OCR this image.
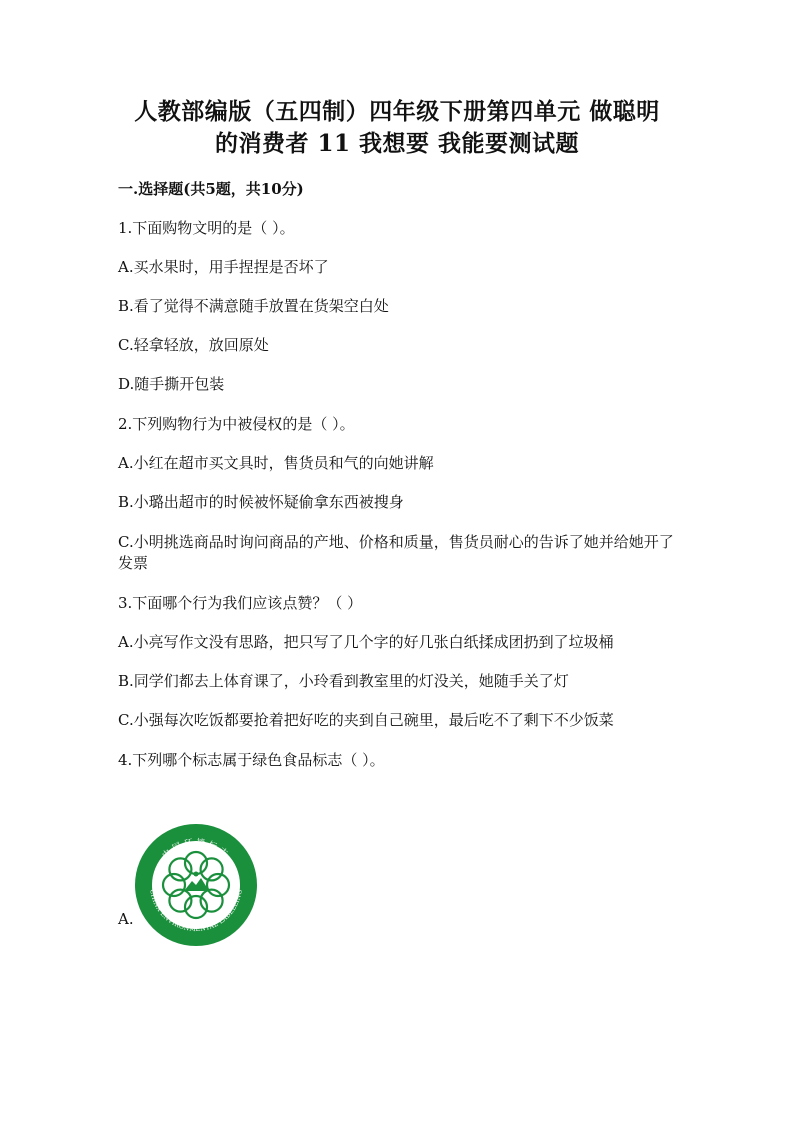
人教部编版（五四制）四年级下册第四单元 做聪明
的消费者 11 我想要 我能要测试题
一.选择题(共5题，共10分)
1.下面购物文明的是（ ）。
A.买水果时，用手捏捏是否坏了
B.看了觉得不满意随手放置在货架空白处
C.轻拿轻放，放回原处
D.随手撕开包装
2.下列购物行为中被侵权的是（ ）。
A.小红在超市买文具时，售货员和气的向她讲解
B.小璐出超市的时候被怀疑偷拿东西被搜身
C.小明挑选商品时询问商品的产地、价格和质量，售货员耐心的告诉了她并给她开了发票
3.下面哪个行为我们应该点赞？（ ）
A.小亮写作文没有思路，把只写了几个字的好几张白纸揉成团扔到了垃圾桶
B.同学们都去上体育课了，小玲看到教室里的灯没关，她随手关了灯
C.小强每次吃饭都要抢着把好吃的夹到自己碗里，最后吃不了剩下不少饭菜
4.下列哪个标志属于绿色食品标志（ ）。
中国环境标志
CHINA ENVIRONMENTAL LABELLING
A.
